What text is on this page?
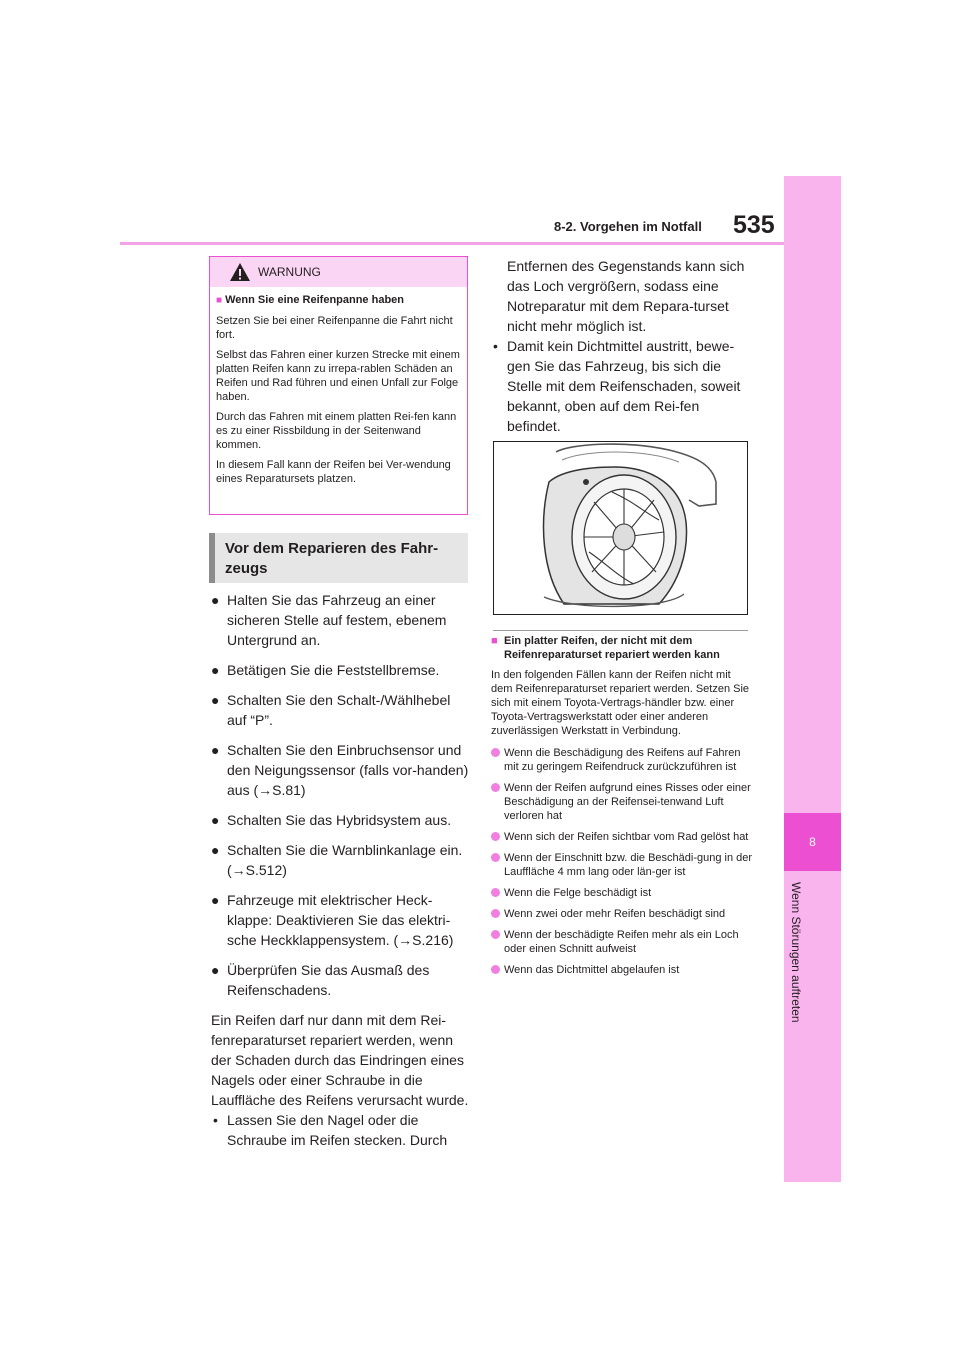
8-2. Vorgehen im Notfall 535
8
Wenn Störungen auftreten
WARNUNG

■ Wenn Sie eine Reifenpanne haben

Setzen Sie bei einer Reifenpanne die Fahrt nicht fort.

Selbst das Fahren einer kurzen Strecke mit einem platten Reifen kann zu irrepa-rablen Schäden an Reifen und Rad führen und einen Unfall zur Folge haben.

Durch das Fahren mit einem platten Rei-fen kann es zu einer Rissbildung in der Seitenwand kommen.

In diesem Fall kann der Reifen bei Ver-wendung eines Reparatursets platzen.

Vor dem Reparieren des Fahr-zeugs
● Halten Sie das Fahrzeug an einer sicheren Stelle auf festem, ebenem Untergrund an.
● Betätigen Sie die Feststellbremse.
● Schalten Sie den Schalt-/Wählhebel auf “P”.
● Schalten Sie den Einbruchsensor und den Neigungssensor (falls vor-handen) aus (→S.81)
● Schalten Sie das Hybridsystem aus.
● Schalten Sie die Warnblinkanlage ein. (→S.512)
● Fahrzeuge mit elektrischer Heck-klappe: Deaktivieren Sie das elektri-sche Heckklappensystem. (→S.216)
● Überprüfen Sie das Ausmaß des Reifenschadens.

Ein Reifen darf nur dann mit dem Rei-fenreparaturset repariert werden, wenn der Schaden durch das Eindringen eines Nagels oder einer Schraube in die Lauffläche des Reifens verursacht wurde.

• Lassen Sie den Nagel oder die Schraube im Reifen stecken. Durch
Entfernen des Gegenstands kann sich das Loch vergrößern, sodass eine Notreparatur mit dem Repara-turset nicht mehr möglich ist.
• Damit kein Dichtmittel austritt, bewe-gen Sie das Fahrzeug, bis sich die Stelle mit dem Reifenschaden, soweit bekannt, oben auf dem Rei-fen befindet.

■ Ein platter Reifen, der nicht mit dem Reifenreparaturset repariert werden kann

In den folgenden Fällen kann der Reifen nicht mit dem Reifenreparaturset repariert werden. Setzen Sie sich mit einem Toyota-Vertrags-händler bzw. einer Toyota-Vertragswerkstatt oder einer anderen zuverlässigen Werkstatt in Verbindung.

Wenn die Beschädigung des Reifens auf Fahren mit zu geringem Reifendruck zurückzuführen ist
Wenn der Reifen aufgrund eines Risses oder einer Beschädigung an der Reifensei-tenwand Luft verloren hat
Wenn sich der Reifen sichtbar vom Rad gelöst hat
Wenn der Einschnitt bzw. die Beschädi-gung in der Lauffläche 4 mm lang oder län-ger ist
Wenn die Felge beschädigt ist
Wenn zwei oder mehr Reifen beschädigt sind
Wenn der beschädigte Reifen mehr als ein Loch oder einen Schnitt aufweist
Wenn das Dichtmittel abgelaufen ist
